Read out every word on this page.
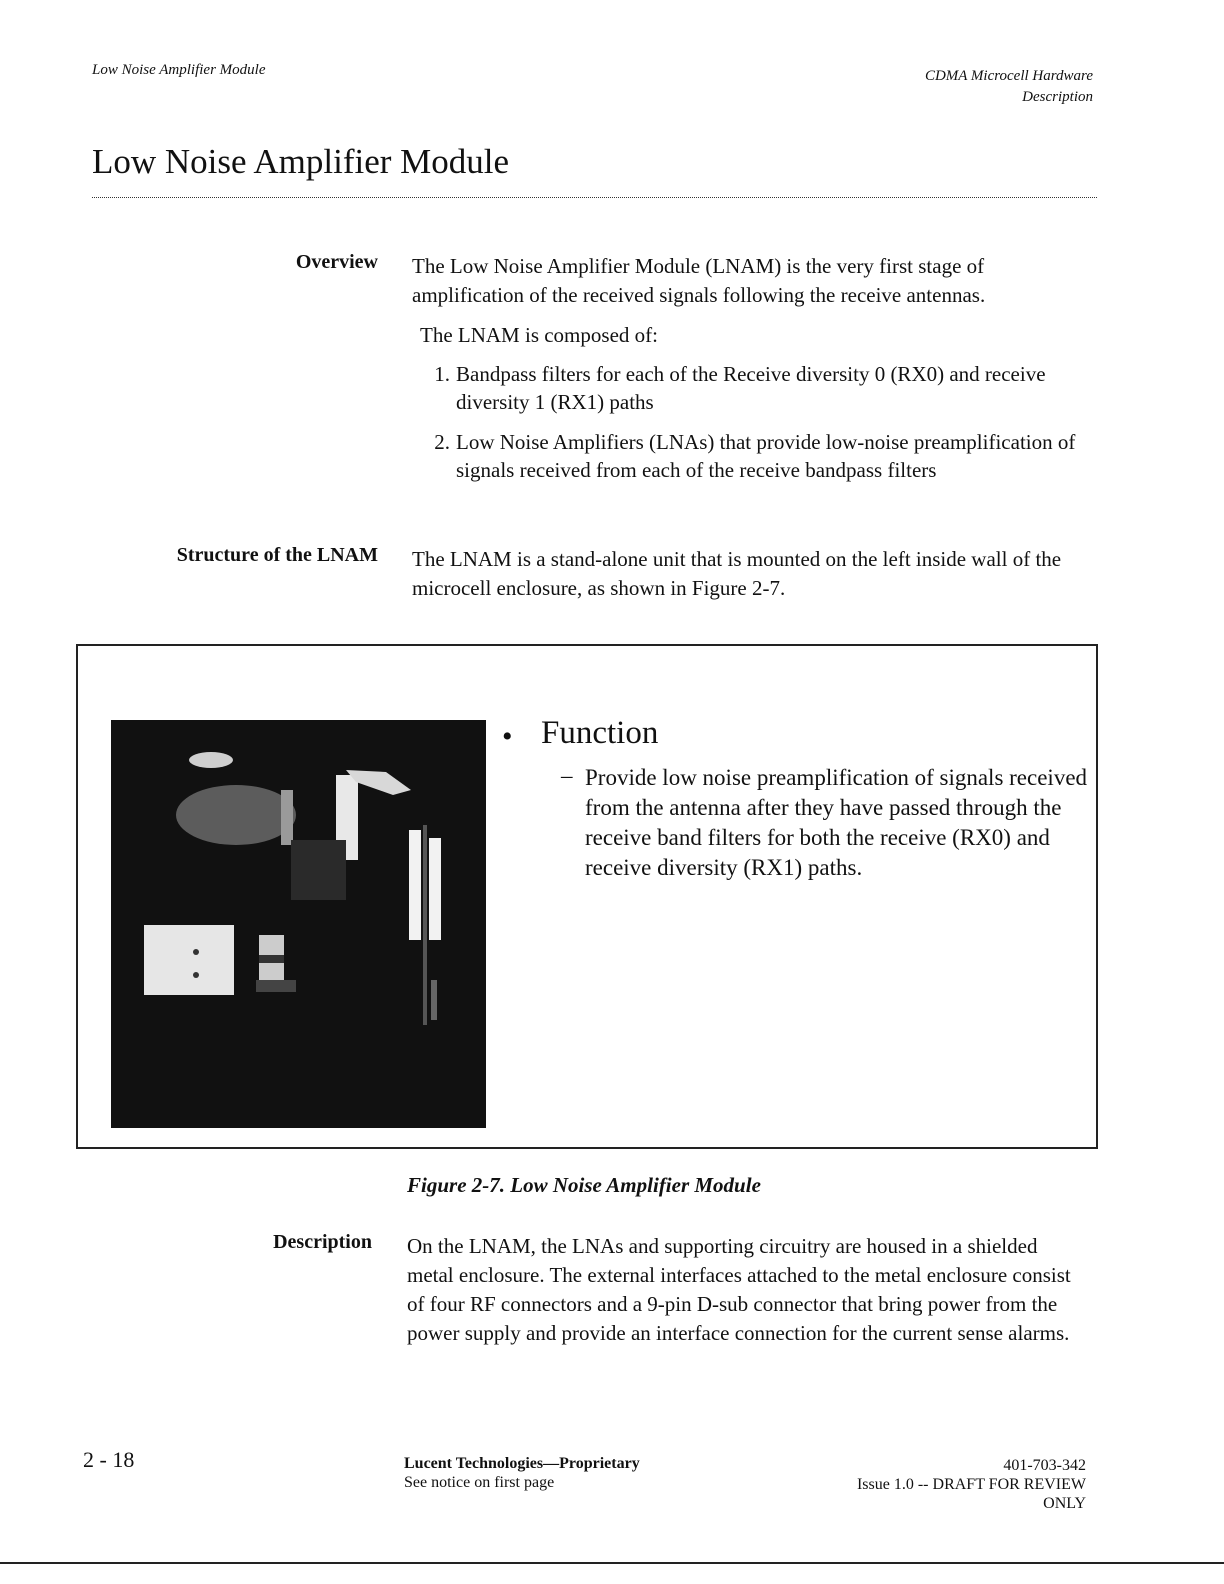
Low Noise Amplifier Module	CDMA Microcell Hardware
Description
Low Noise Amplifier Module
Overview The Low Noise Amplifier Module (LNAM) is the very first stage of amplification of the received signals following the receive antennas.
The LNAM is composed of:
1. Bandpass filters for each of the Receive diversity 0 (RX0) and receive diversity 1 (RX1) paths
2. Low Noise Amplifiers (LNAs) that provide low-noise preamplification of signals received from each of the receive bandpass filters
Structure of the LNAM The LNAM is a stand-alone unit that is mounted on the left inside wall of the microcell enclosure, as shown in Figure 2-7.
• Function
– Provide low noise preamplification of signals received from the antenna after they have passed through the receive band filters for both the receive (RX0) and receive diversity (RX1) paths.
Figure 2-7. Low Noise Amplifier Module
Description On the LNAM, the LNAs and supporting circuitry are housed in a shielded metal enclosure. The external interfaces attached to the metal enclosure consist of four RF connectors and a 9-pin D-sub connector that bring power from the power supply and provide an interface connection for the current sense alarms.
2 - 18	Lucent Technologies—Proprietary
See notice on first page
401-703-342
Issue 1.0 -- DRAFT FOR REVIEW
ONLY
